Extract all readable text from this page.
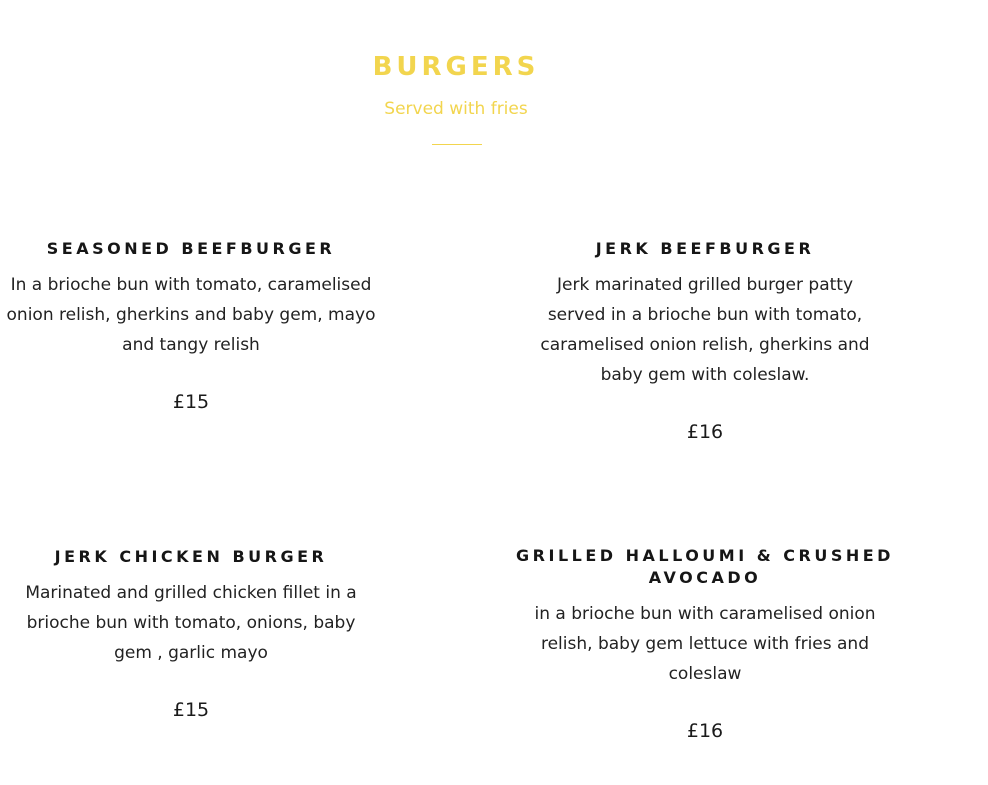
BURGERS
Served with fries
SEASONED BEEFBURGER
In a brioche bun with tomato, caramelised onion relish, gherkins and baby gem, mayo and tangy relish
£15
JERK BEEFBURGER
Jerk marinated grilled burger patty served in a brioche bun with tomato, caramelised onion relish, gherkins and baby gem with coleslaw.
£16
JERK CHICKEN BURGER
Marinated and grilled chicken fillet in a brioche bun with tomato, onions, baby gem , garlic mayo
£15
GRILLED HALLOUMI & CRUSHED AVOCADO
in a brioche bun with caramelised onion relish, baby gem lettuce with fries and coleslaw
£16
